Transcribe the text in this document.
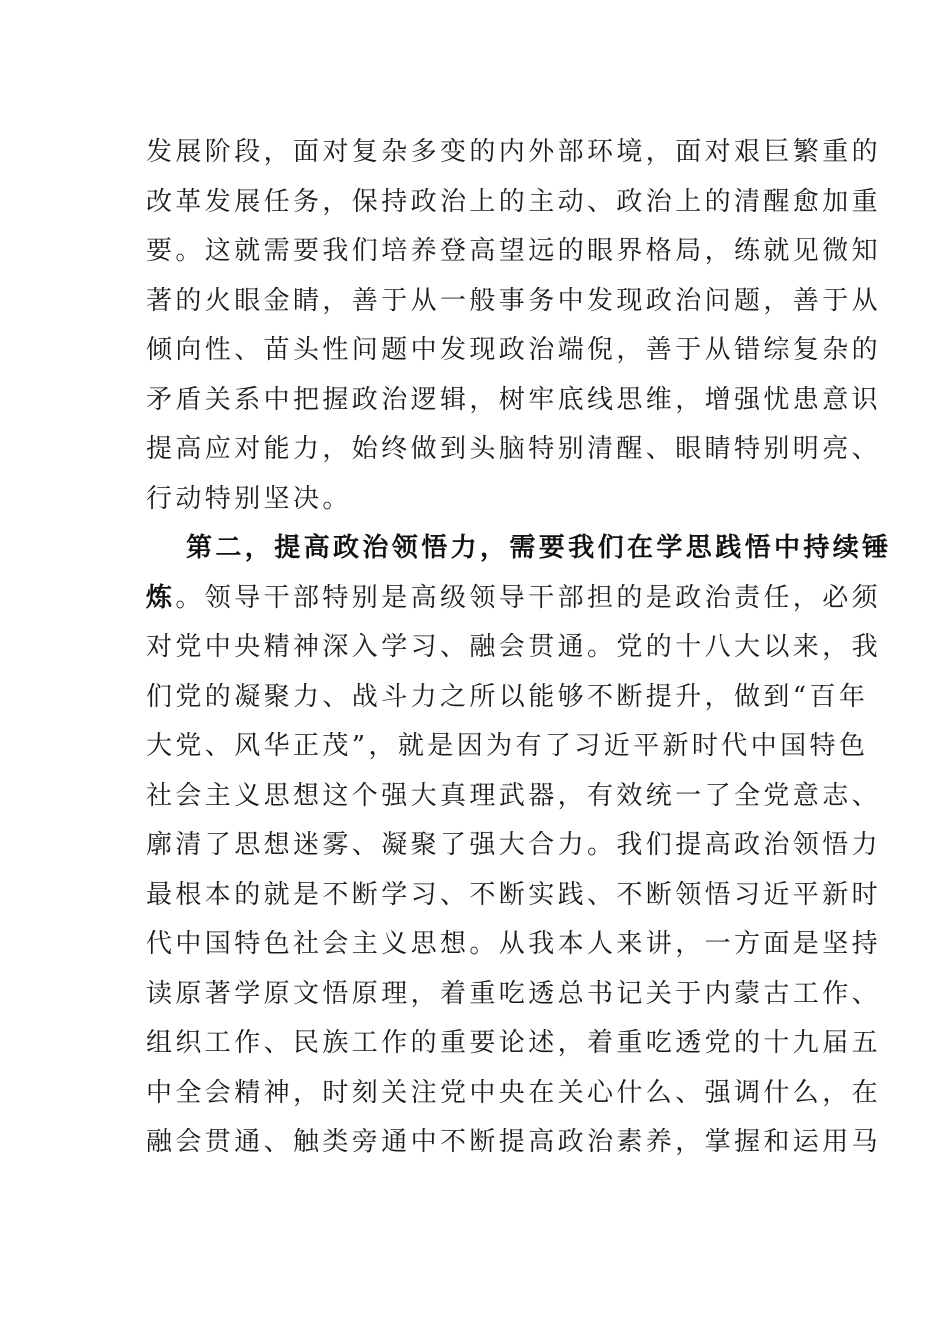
发展阶段，面对复杂多变的内外部环境，面对艰巨繁重的
改革发展任务，保持政治上的主动、政治上的清醒愈加重
要。这就需要我们培养登高望远的眼界格局，练就见微知
著的火眼金睛，善于从一般事务中发现政治问题，善于从
倾向性、苗头性问题中发现政治端倪，善于从错综复杂的
矛盾关系中把握政治逻辑，树牢底线思维，增强忧患意识
提高应对能力，始终做到头脑特别清醒、眼睛特别明亮、
行动特别坚决。
第二，提高政治领悟力，需要我们在学思践悟中持续锤
炼。领导干部特别是高级领导干部担的是政治责任，必须
对党中央精神深入学习、融会贯通。党的十八大以来，我
们党的凝聚力、战斗力之所以能够不断提升，做到“百年
大党、风华正茂”，就是因为有了习近平新时代中国特色
社会主义思想这个强大真理武器，有效统一了全党意志、
廓清了思想迷雾、凝聚了强大合力。我们提高政治领悟力
最根本的就是不断学习、不断实践、不断领悟习近平新时
代中国特色社会主义思想。从我本人来讲，一方面是坚持
读原著学原文悟原理，着重吃透总书记关于内蒙古工作、
组织工作、民族工作的重要论述，着重吃透党的十九届五
中全会精神，时刻关注党中央在关心什么、强调什么，在
融会贯通、触类旁通中不断提高政治素养，掌握和运用马
